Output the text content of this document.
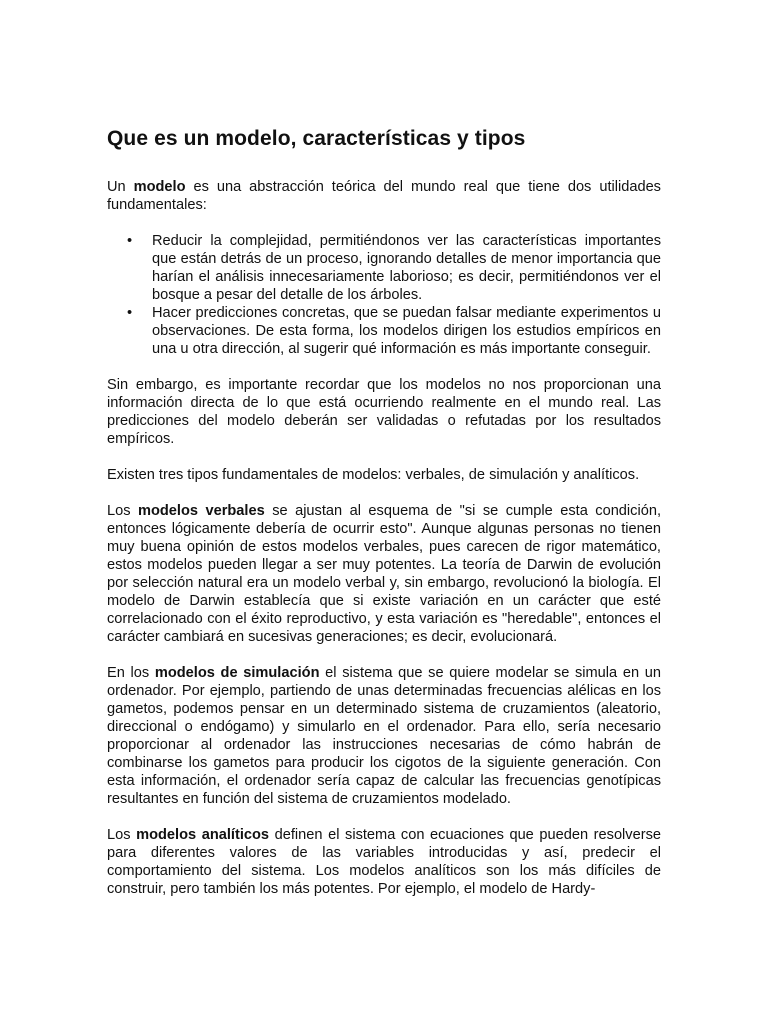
Que es un modelo, características y tipos

Un modelo es una abstracción teórica del mundo real que tiene dos utilidades fundamentales:

• Reducir la complejidad, permitiéndonos ver las características importantes que están detrás de un proceso, ignorando detalles de menor importancia que harían el análisis innecesariamente laborioso; es decir, permitiéndonos ver el bosque a pesar del detalle de los árboles.
• Hacer predicciones concretas, que se puedan falsar mediante experimentos u observaciones. De esta forma, los modelos dirigen los estudios empíricos en una u otra dirección, al sugerir qué información es más importante conseguir.

Sin embargo, es importante recordar que los modelos no nos proporcionan una información directa de lo que está ocurriendo realmente en el mundo real. Las predicciones del modelo deberán ser validadas o refutadas por los resultados empíricos.

Existen tres tipos fundamentales de modelos: verbales, de simulación y analíticos.

Los modelos verbales se ajustan al esquema de "si se cumple esta condición, entonces lógicamente debería de ocurrir esto". Aunque algunas personas no tienen muy buena opinión de estos modelos verbales, pues carecen de rigor matemático, estos modelos pueden llegar a ser muy potentes. La teoría de Darwin de evolución por selección natural era un modelo verbal y, sin embargo, revolucionó la biología. El modelo de Darwin establecía que si existe variación en un carácter que esté correlacionado con el éxito reproductivo, y esta variación es "heredable", entonces el carácter cambiará en sucesivas generaciones; es decir, evolucionará.

En los modelos de simulación el sistema que se quiere modelar se simula en un ordenador. Por ejemplo, partiendo de unas determinadas frecuencias alélicas en los gametos, podemos pensar en un determinado sistema de cruzamientos (aleatorio, direccional o endógamo) y simularlo en el ordenador. Para ello, sería necesario proporcionar al ordenador las instrucciones necesarias de cómo habrán de combinarse los gametos para producir los cigotos de la siguiente generación. Con esta información, el ordenador sería capaz de calcular las frecuencias genotípicas resultantes en función del sistema de cruzamientos modelado.

Los modelos analíticos definen el sistema con ecuaciones que pueden resolverse para diferentes valores de las variables introducidas y así, predecir el comportamiento del sistema. Los modelos analíticos son los más difíciles de construir, pero también los más potentes. Por ejemplo, el modelo de Hardy-
